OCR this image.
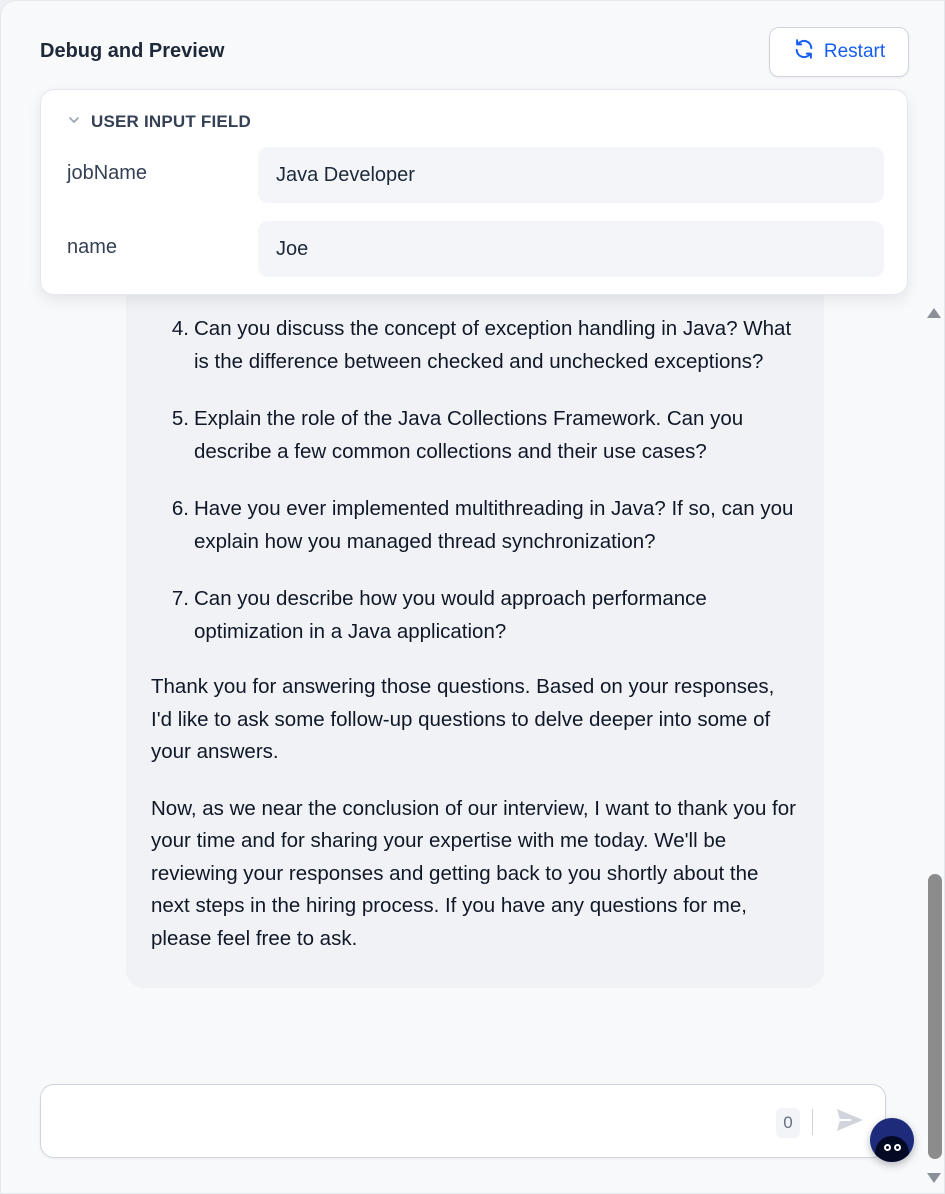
Debug and Preview	Restart
USER INPUT FIELD
jobName	Java Developer
name	Joe
4. Can you discuss the concept of exception handling in Java? What is the difference between checked and unchecked exceptions?
5. Explain the role of the Java Collections Framework. Can you describe a few common collections and their use cases?
6. Have you ever implemented multithreading in Java? If so, can you explain how you managed thread synchronization?
7. Can you describe how you would approach performance optimization in a Java application?

Thank you for answering those questions. Based on your responses, I'd like to ask some follow-up questions to delve deeper into some of your answers.

Now, as we near the conclusion of our interview, I want to thank you for your time and for sharing your expertise with me today. We'll be reviewing your responses and getting back to you shortly about the next steps in the hiring process. If you have any questions for me, please feel free to ask.

0
